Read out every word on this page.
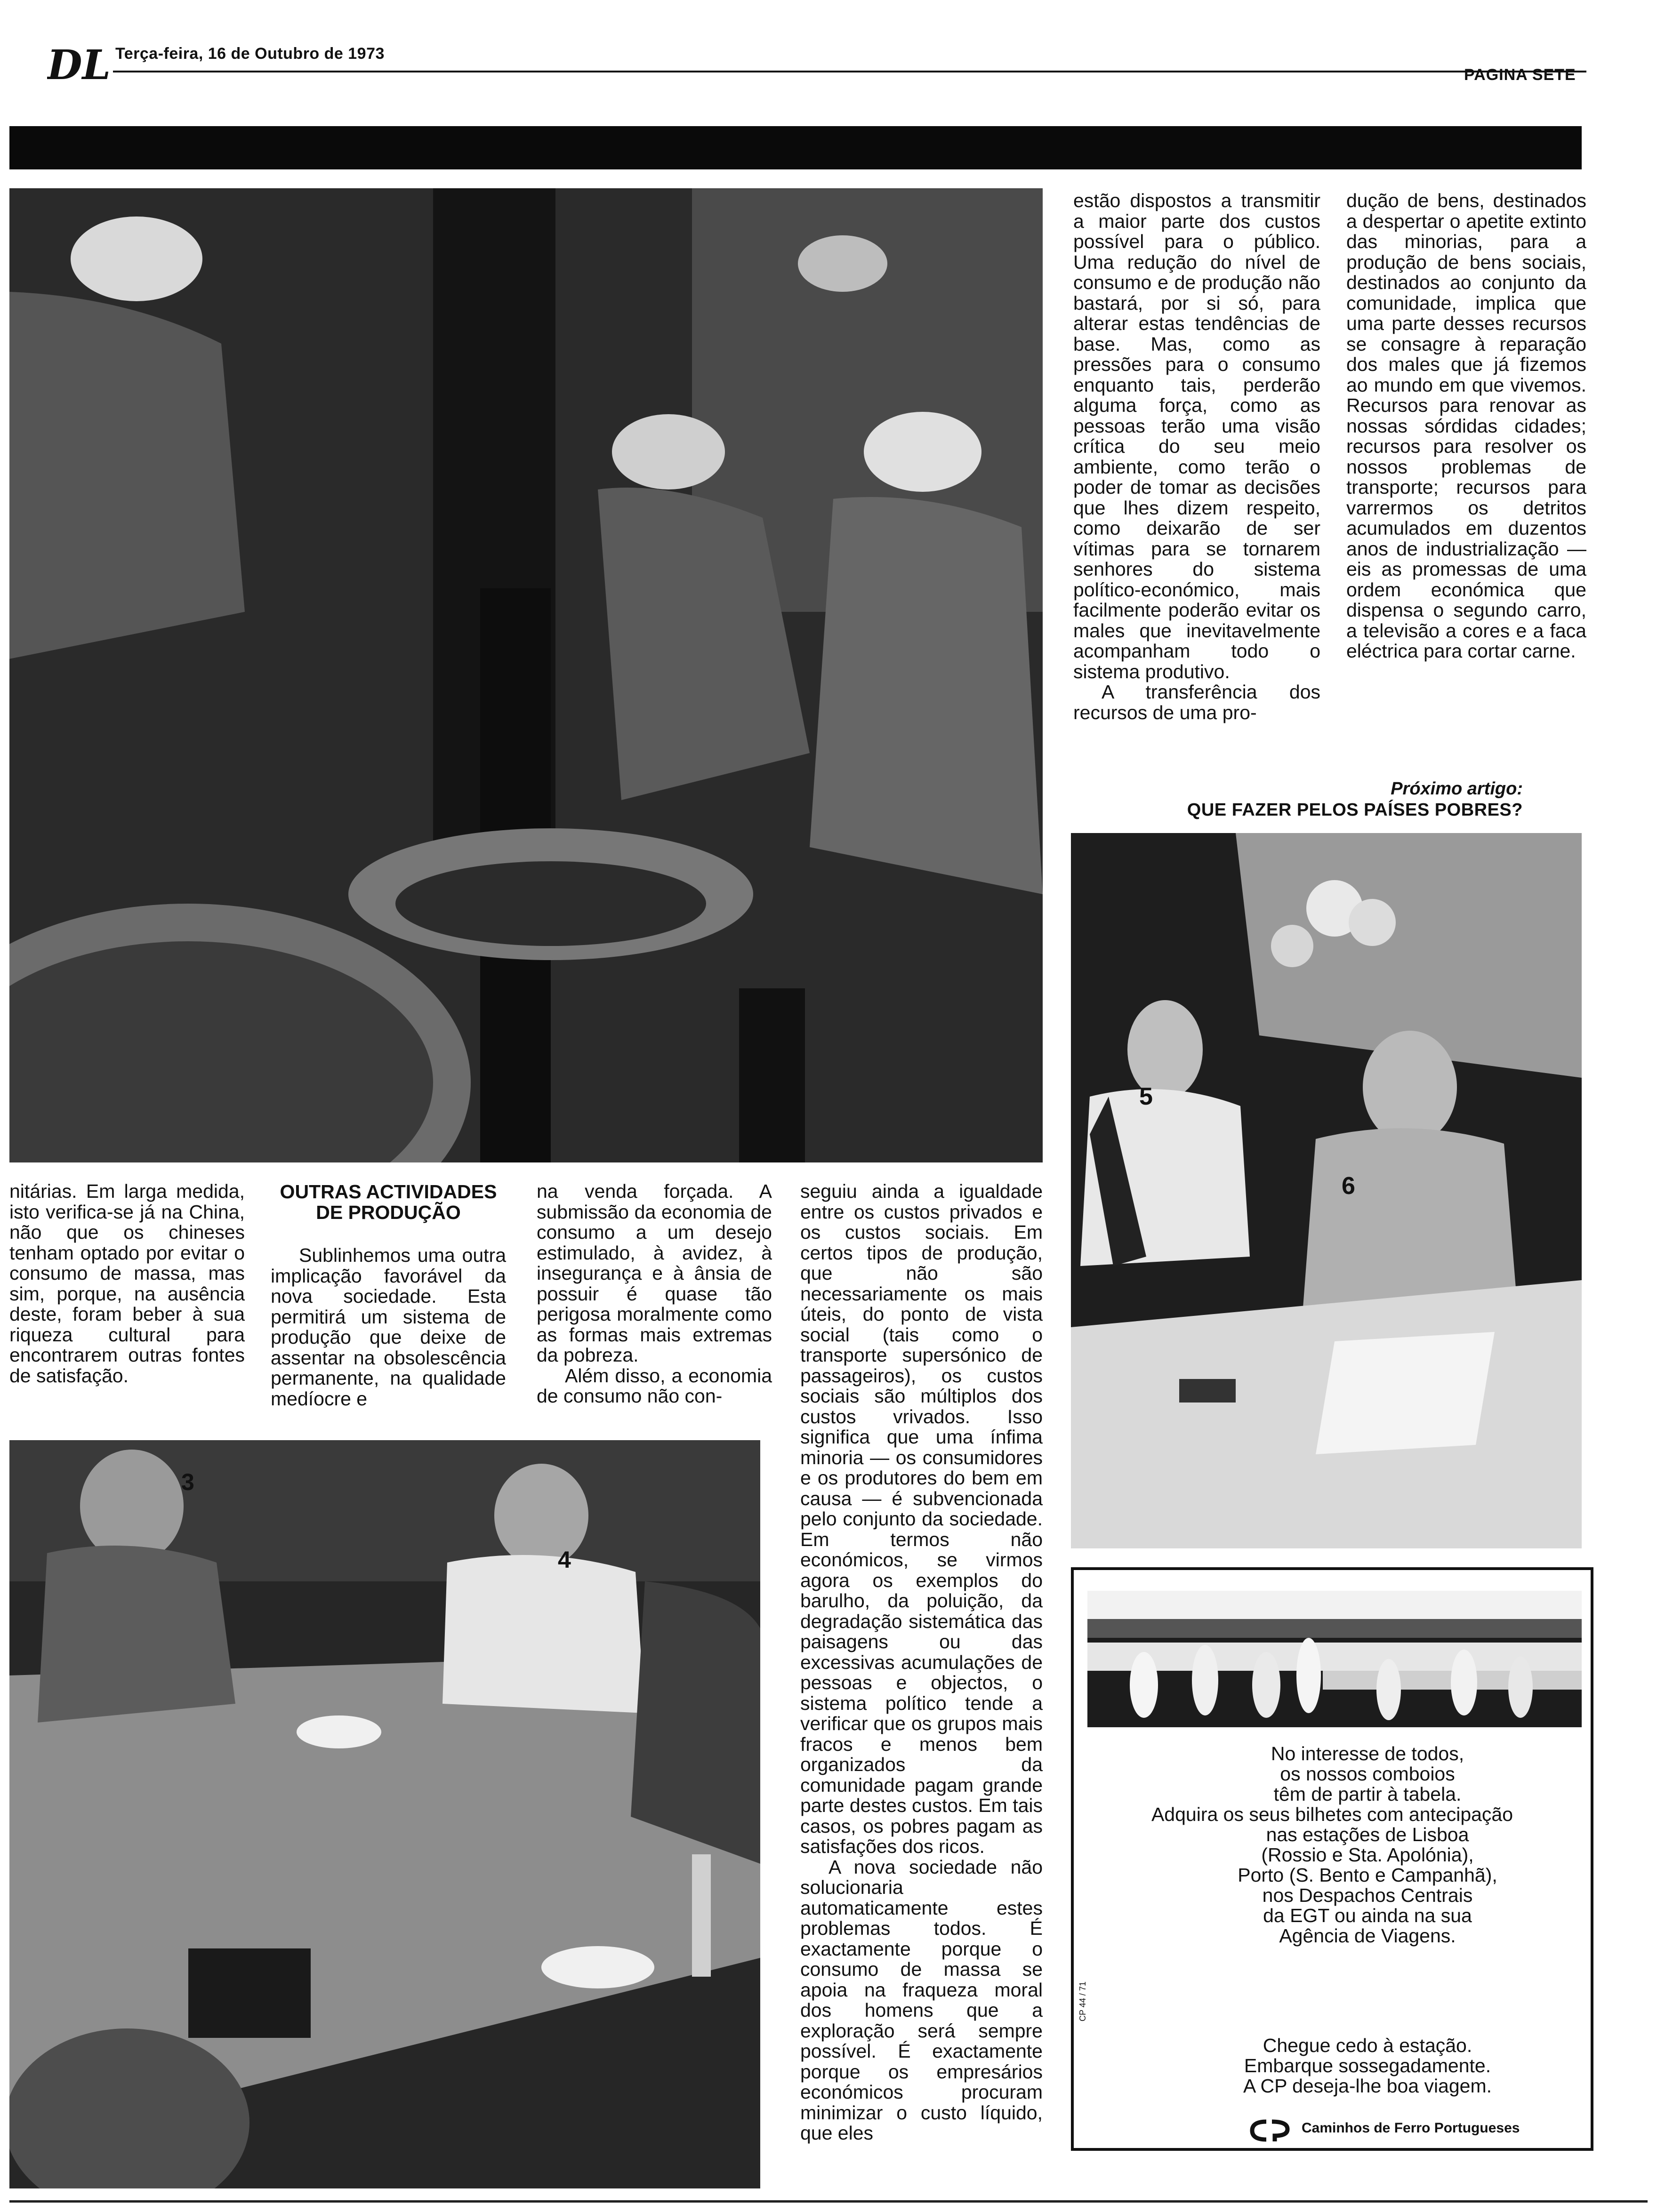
DL Terça-feira, 16 de Outubro de 1973
PAGINA SETE
3
4
5
6

estão dispostos a transmitir a maior parte dos custos possível para o público. Uma redução do nível de consumo e de produção não bastará, por si só, para alterar estas tendências de base. Mas, como as pressões para o consumo enquanto tais, perderão alguma força, como as pessoas terão uma visão crítica do seu meio ambiente, como terão o poder de tomar as decisões que lhes dizem respeito, como deixarão de ser vítimas para se tornarem senhores do sistema político-económico, mais facilmente poderão evitar os males que inevitavelmente acompanham todo o sistema produtivo.

A transferência dos recursos de uma pro-

dução de bens, destinados a despertar o apetite extinto das minorias, para a produção de bens sociais, destinados ao conjunto da comunidade, implica que uma parte desses recursos se consagre à reparação dos males que já fizemos ao mundo em que vivemos. Recursos para renovar as nossas sórdidas cidades; recursos para resolver os nossos problemas de transporte; recursos para varrermos os detritos acumulados em duzentos anos de industrialização — eis as promessas de uma ordem económica que dispensa o segundo carro, a televisão a cores e a faca eléctrica para cortar carne.

Próximo artigo:
QUE FAZER PELOS PAÍSES POBRES?

nitárias. Em larga medida, isto verifica-se já na China, não que os chineses tenham optado por evitar o consumo de massa, mas sim, porque, na ausência deste, foram beber à sua riqueza cultural para encontrarem outras fontes de satisfação.

OUTRAS ACTIVIDADES DE PRODUÇÃO

Sublinhemos uma outra implicação favorável da nova sociedade. Esta permitirá um sistema de produção que deixe de assentar na obsolescência permanente, na qualidade medíocre e

na venda forçada. A submissão da economia de consumo a um desejo estimulado, à avidez, à insegurança e à ânsia de possuir é quase tão perigosa moralmente como as formas mais extremas da pobreza.

Além disso, a economia de consumo não con-

seguiu ainda a igualdade entre os custos privados e os custos sociais. Em certos tipos de produção, que não são necessariamente os mais úteis, do ponto de vista social (tais como o transporte supersónico de passageiros), os custos sociais são múltiplos dos custos vrivados. Isso significa que uma ínfima minoria — os consumidores e os produtores do bem em causa — é subvencionada pelo conjunto da sociedade. Em termos não económicos, se virmos agora os exemplos do barulho, da poluição, da degradação sistemática das paisagens ou das excessivas acumulações de pessoas e objectos, o sistema político tende a verificar que os grupos mais fracos e menos bem organizados da comunidade pagam grande parte destes custos. Em tais casos, os pobres pagam as satisfações dos ricos.

A nova sociedade não solucionaria automaticamente estes problemas todos. É exactamente porque o consumo de massa se apoia na fraqueza moral dos homens que a exploração será sempre possível. É exactamente porque os empresários económicos procuram minimizar o custo líquido, que eles

No interesse de todos,
os nossos comboios
têm de partir à tabela.
Adquira os seus bilhetes com antecipação
nas estações de Lisboa
(Rossio e Sta. Apolónia),
Porto (S. Bento e Campanhã),
nos Despachos Centrais
da EGT ou ainda na sua
Agência de Viagens.
Chegue cedo à estação.
Embarque sossegadamente.
A CP deseja-lhe boa viagem.
CP 44 / 71
Caminhos de Ferro Portugueses
